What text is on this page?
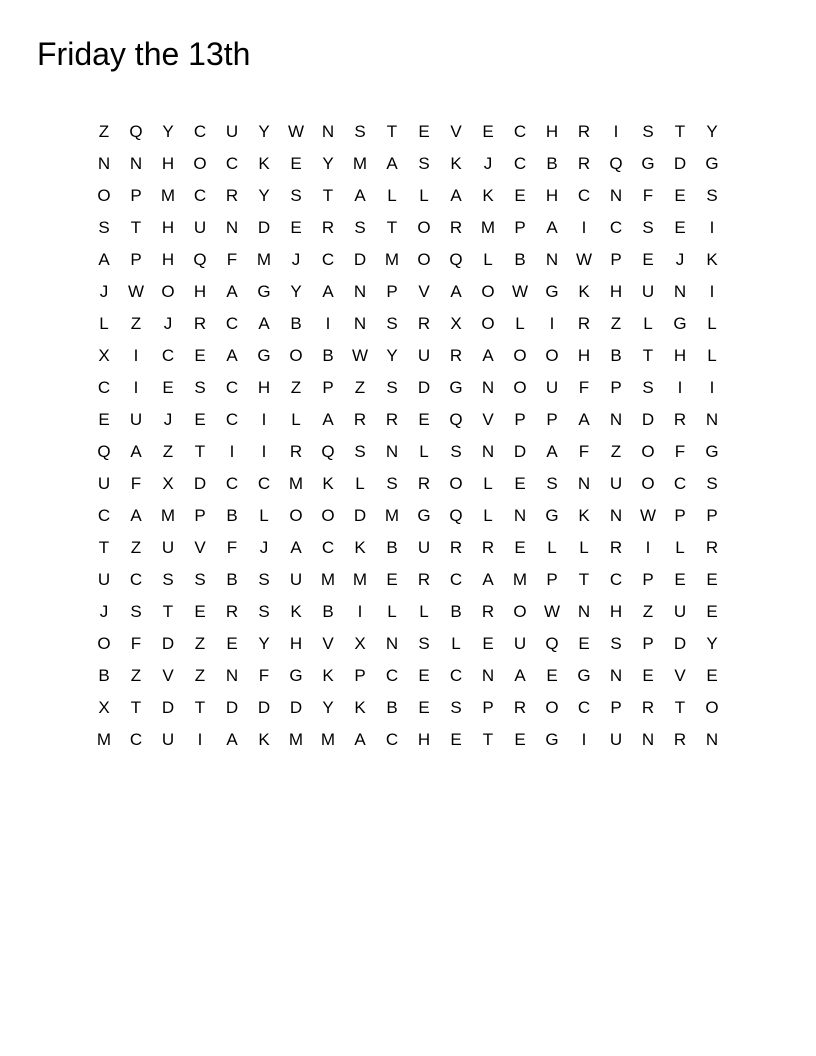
Friday the 13th
Z	Q	Y	C	U	Y	W	N	S	T	E	V	E	C	H	R	I	S	T	Y
N	N	H	O	C	K	E	Y	M	A	S	K	J	C	B	R	Q	G	D	G
O	P	M	C	R	Y	S	T	A	L	L	A	K	E	H	C	N	F	E	S
S	T	H	U	N	D	E	R	S	T	O	R	M	P	A	I	C	S	E	I
A	P	H	Q	F	M	J	C	D	M	O	Q	L	B	N	W	P	E	J	K
J	W	O	H	A	G	Y	A	N	P	V	A	O	W	G	K	H	U	N	I
L	Z	J	R	C	A	B	I	N	S	R	X	O	L	I	R	Z	L	G	L
X	I	C	E	A	G	O	B	W	Y	U	R	A	O	O	H	B	T	H	L
C	I	E	S	C	H	Z	P	Z	S	D	G	N	O	U	F	P	S	I	I
E	U	J	E	C	I	L	A	R	R	E	Q	V	P	P	A	N	D	R	N
Q	A	Z	T	I	I	R	Q	S	N	L	S	N	D	A	F	Z	O	F	G
U	F	X	D	C	C	M	K	L	S	R	O	L	E	S	N	U	O	C	S
C	A	M	P	B	L	O	O	D	M	G	Q	L	N	G	K	N	W	P	P
T	Z	U	V	F	J	A	C	K	B	U	R	R	E	L	L	R	I	L	R
U	C	S	S	B	S	U	M	M	E	R	C	A	M	P	T	C	P	E	E
J	S	T	E	R	S	K	B	I	L	L	B	R	O	W	N	H	Z	U	E
O	F	D	Z	E	Y	H	V	X	N	S	L	E	U	Q	E	S	P	D	Y
B	Z	V	Z	N	F	G	K	P	C	E	C	N	A	E	G	N	E	V	E
X	T	D	T	D	D	D	Y	K	B	E	S	P	R	O	C	P	R	T	O
M	C	U	I	A	K	M	M	A	C	H	E	T	E	G	I	U	N	R	N
